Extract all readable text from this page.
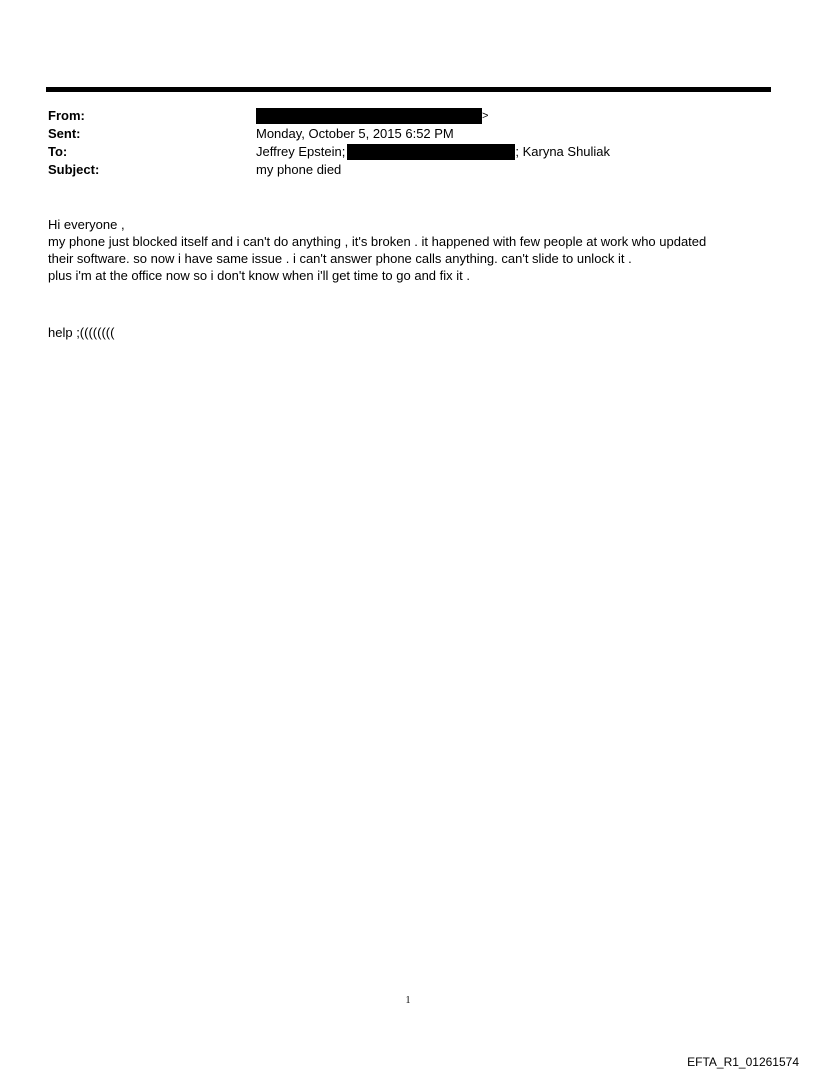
From:	>
Sent:	Monday, October 5, 2015 6:52 PM
To:	Jeffrey Epstein;	; Karyna Shuliak
Subject:	my phone died
Hi everyone ,
my phone just blocked itself and i can't do anything , it's broken . it happened with few people at work who updated
their software. so now i have same issue . i can't answer phone calls anything. can't slide to unlock it .
plus i'm at the office now so i don't know when i'll get time to go and fix it .
help ;((((((((
1
EFTA_R1_01261574
